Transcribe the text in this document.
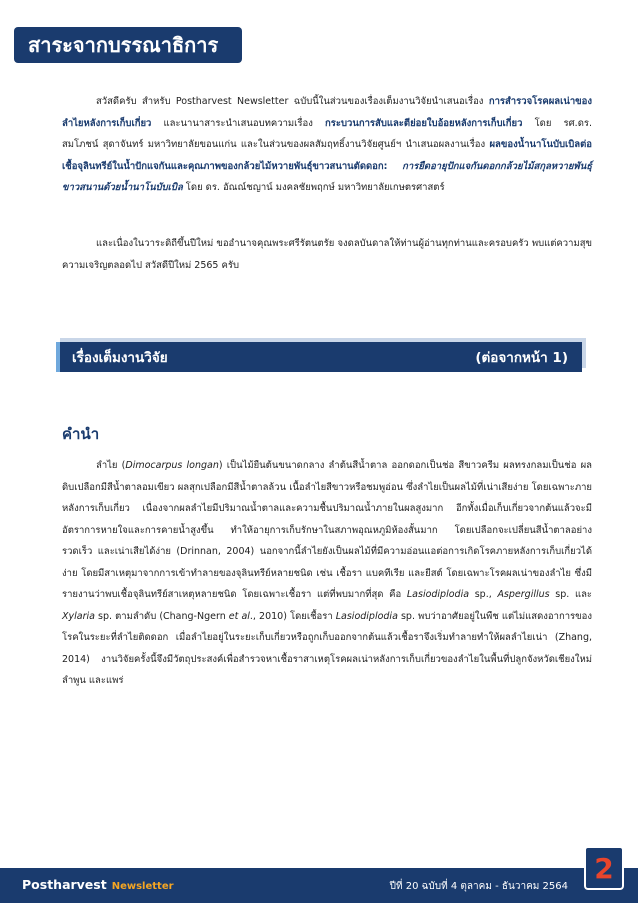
สาระจากบรรณาธิการ

สวัสดีครับ สำหรับ Postharvest Newsletter ฉบับนี้ในส่วนของเรื่องเต็มงานวิจัยนำเสนอเรื่อง การสำรวจโรคผลเน่าของลำไยหลังการเก็บเกี่ยว และนานาสาระนำเสนอบทความเรื่อง กระบวนการสับและตีย่อยใบอ้อยหลังการเก็บเกี่ยว โดย รศ.ดร. สมโภชน์ สุดาจันทร์ มหาวิทยาลัยขอนแก่น และในส่วนของผลสัมฤทธิ์งานวิจัยศูนย์ฯ นำเสนอผลงานเรื่อง ผลของน้ำนาโนบับเบิลต่อเชื้อจุลินทรีย์ในน้ำปักแจกันและคุณภาพของกล้วยไม้หวายพันธุ์ขาวสนานตัดดอก: การยืดอายุปักแจกันดอกกล้วยไม้สกุลหวายพันธุ์ขาวสนานด้วยน้ำนาโนบับเบิล โดย ดร. อัณณ์ชญาน์ มงคลชัยพฤกษ์ มหาวิทยาลัยเกษตรศาสตร์

และเนื่องในวาระดิถีขึ้นปีใหม่ ขออำนาจคุณพระศรีรัตนตรัย จงดลบันดาลให้ท่านผู้อ่านทุกท่านและครอบครัว พบแต่ความสุข ความเจริญตลอดไป สวัสดีปีใหม่ 2565 ครับ

เรื่องเต็มงานวิจัย	(ต่อจากหน้า 1)
คำนำ

ลำไย (Dimocarpus longan) เป็นไม้ยืนต้นขนาดกลาง ลำต้นสีน้ำตาล ออกดอกเป็นช่อ สีขาวครีม ผลทรงกลมเป็นช่อ ผลดิบเปลือกมีสีน้ำตาลอมเขียว ผลสุกเปลือกมีสีน้ำตาลล้วน เนื้อลำไยสีขาวหรือชมพูอ่อน ซึ่งลำไยเป็นผลไม้ที่เน่าเสียง่าย โดยเฉพาะภายหลังการเก็บเกี่ยว เนื่องจากผลลำไยมีปริมาณน้ำตาลและความชื้นปริมาณน้ำภายในผลสูงมาก อีกทั้งเมื่อเก็บเกี่ยวจากต้นแล้วจะมีอัตราการหายใจและการคายน้ำสูงขึ้น ทำให้อายุการเก็บรักษาในสภาพอุณหภูมิห้องสั้นมาก โดยเปลือกจะเปลี่ยนสีน้ำตาลอย่างรวดเร็ว และเน่าเสียได้ง่าย (Drinnan, 2004) นอกจากนี้ลำไยยังเป็นผลไม้ที่มีความอ่อนแอต่อการเกิดโรคภายหลังการเก็บเกี่ยวได้ง่าย โดยมีสาเหตุมาจากการเข้าทำลายของจุลินทรีย์หลายชนิด เช่น เชื้อรา แบคทีเรีย และยีสต์ โดยเฉพาะโรคผลเน่าของลำไย ซึ่งมีรายงานว่าพบเชื้อจุลินทรีย์สาเหตุหลายชนิด โดยเฉพาะเชื้อรา แต่ที่พบมากที่สุด คือ Lasiodiplodia sp., Aspergillus sp. และ Xylaria sp. ตามลำดับ (Chang-Ngern et al., 2010) โดยเชื้อรา Lasiodiplodia sp. พบว่าอาศัยอยู่ในพืช แต่ไม่แสดงอาการของโรคในระยะที่ลำไยติดดอก เมื่อลำไยอยู่ในระยะเก็บเกี่ยวหรือถูกเก็บออกจากต้นแล้วเชื้อราจึงเริ่มทำลายทำให้ผลลำไยเน่า (Zhang, 2014) งานวิจัยครั้งนี้จึงมีวัตถุประสงค์เพื่อสำรวจหาเชื้อราสาเหตุโรคผลเน่าหลังการเก็บเกี่ยวของลำไยในพื้นที่ปลูกจังหวัดเชียงใหม่ ลำพูน และแพร่

Postharvest Newsletter	ปีที่ 20 ฉบับที่ 4 ตุลาคม - ธันวาคม 2564
2
